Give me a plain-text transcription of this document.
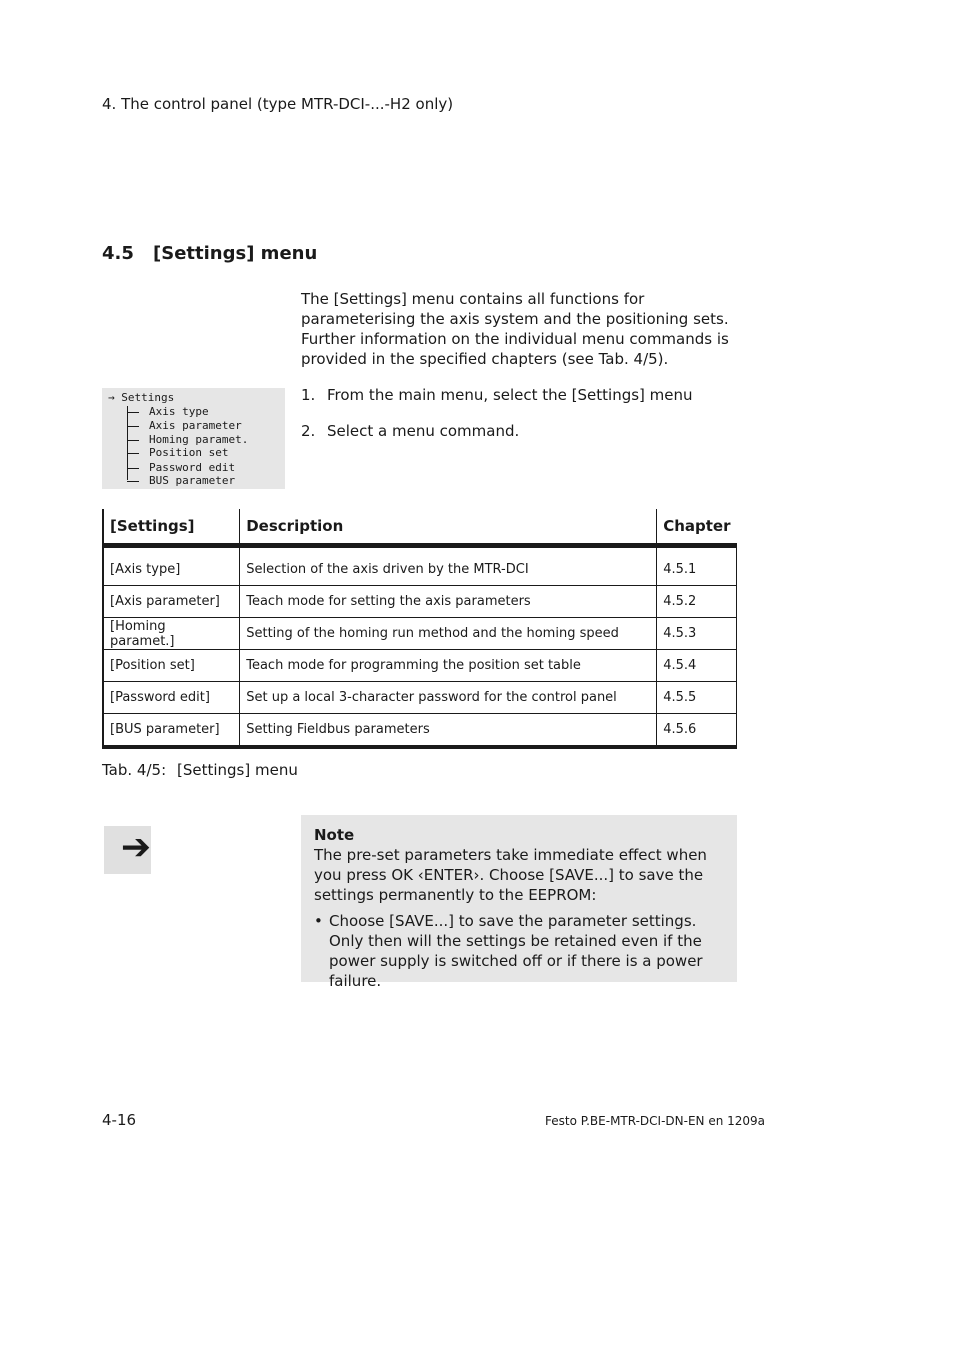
4. The control panel (type MTR-DCI-...-H2 only)
4.5 [Settings] menu

The [Settings] menu contains all functions for parameterising the axis system and the positioning sets. Further information on the individual menu commands is provided in the specified chapters (see Tab. 4/5).

1. From the main menu, select the [Settings] menu
2. Select a menu command.
→ Settings
Axis type
Axis parameter
Homing paramet.
Position set
Password edit
BUS parameter
[Settings]	Description	Chapter
[Axis type]	Selection of the axis driven by the MTR-DCI	4.5.1
[Axis parameter]	Teach mode for setting the axis parameters	4.5.2
[Homing paramet.]	Setting of the homing run method and the homing speed	4.5.3
[Position set]	Teach mode for programming the position set table	4.5.4
[Password edit]	Set up a local 3-character password for the control panel	4.5.5
[BUS parameter]	Setting Fieldbus parameters	4.5.6
Tab. 4/5: [Settings] menu
➔	Note
The pre-set parameters take immediate effect when you press OK ‹ENTER›. Choose [SAVE...] to save the settings permanently to the EEPROM:
• Choose [SAVE...] to save the parameter settings. Only then will the settings be retained even if the power supply is switched off or if there is a power failure.
4-16	Festo P.BE-MTR-DCI-DN-EN en 1209a
